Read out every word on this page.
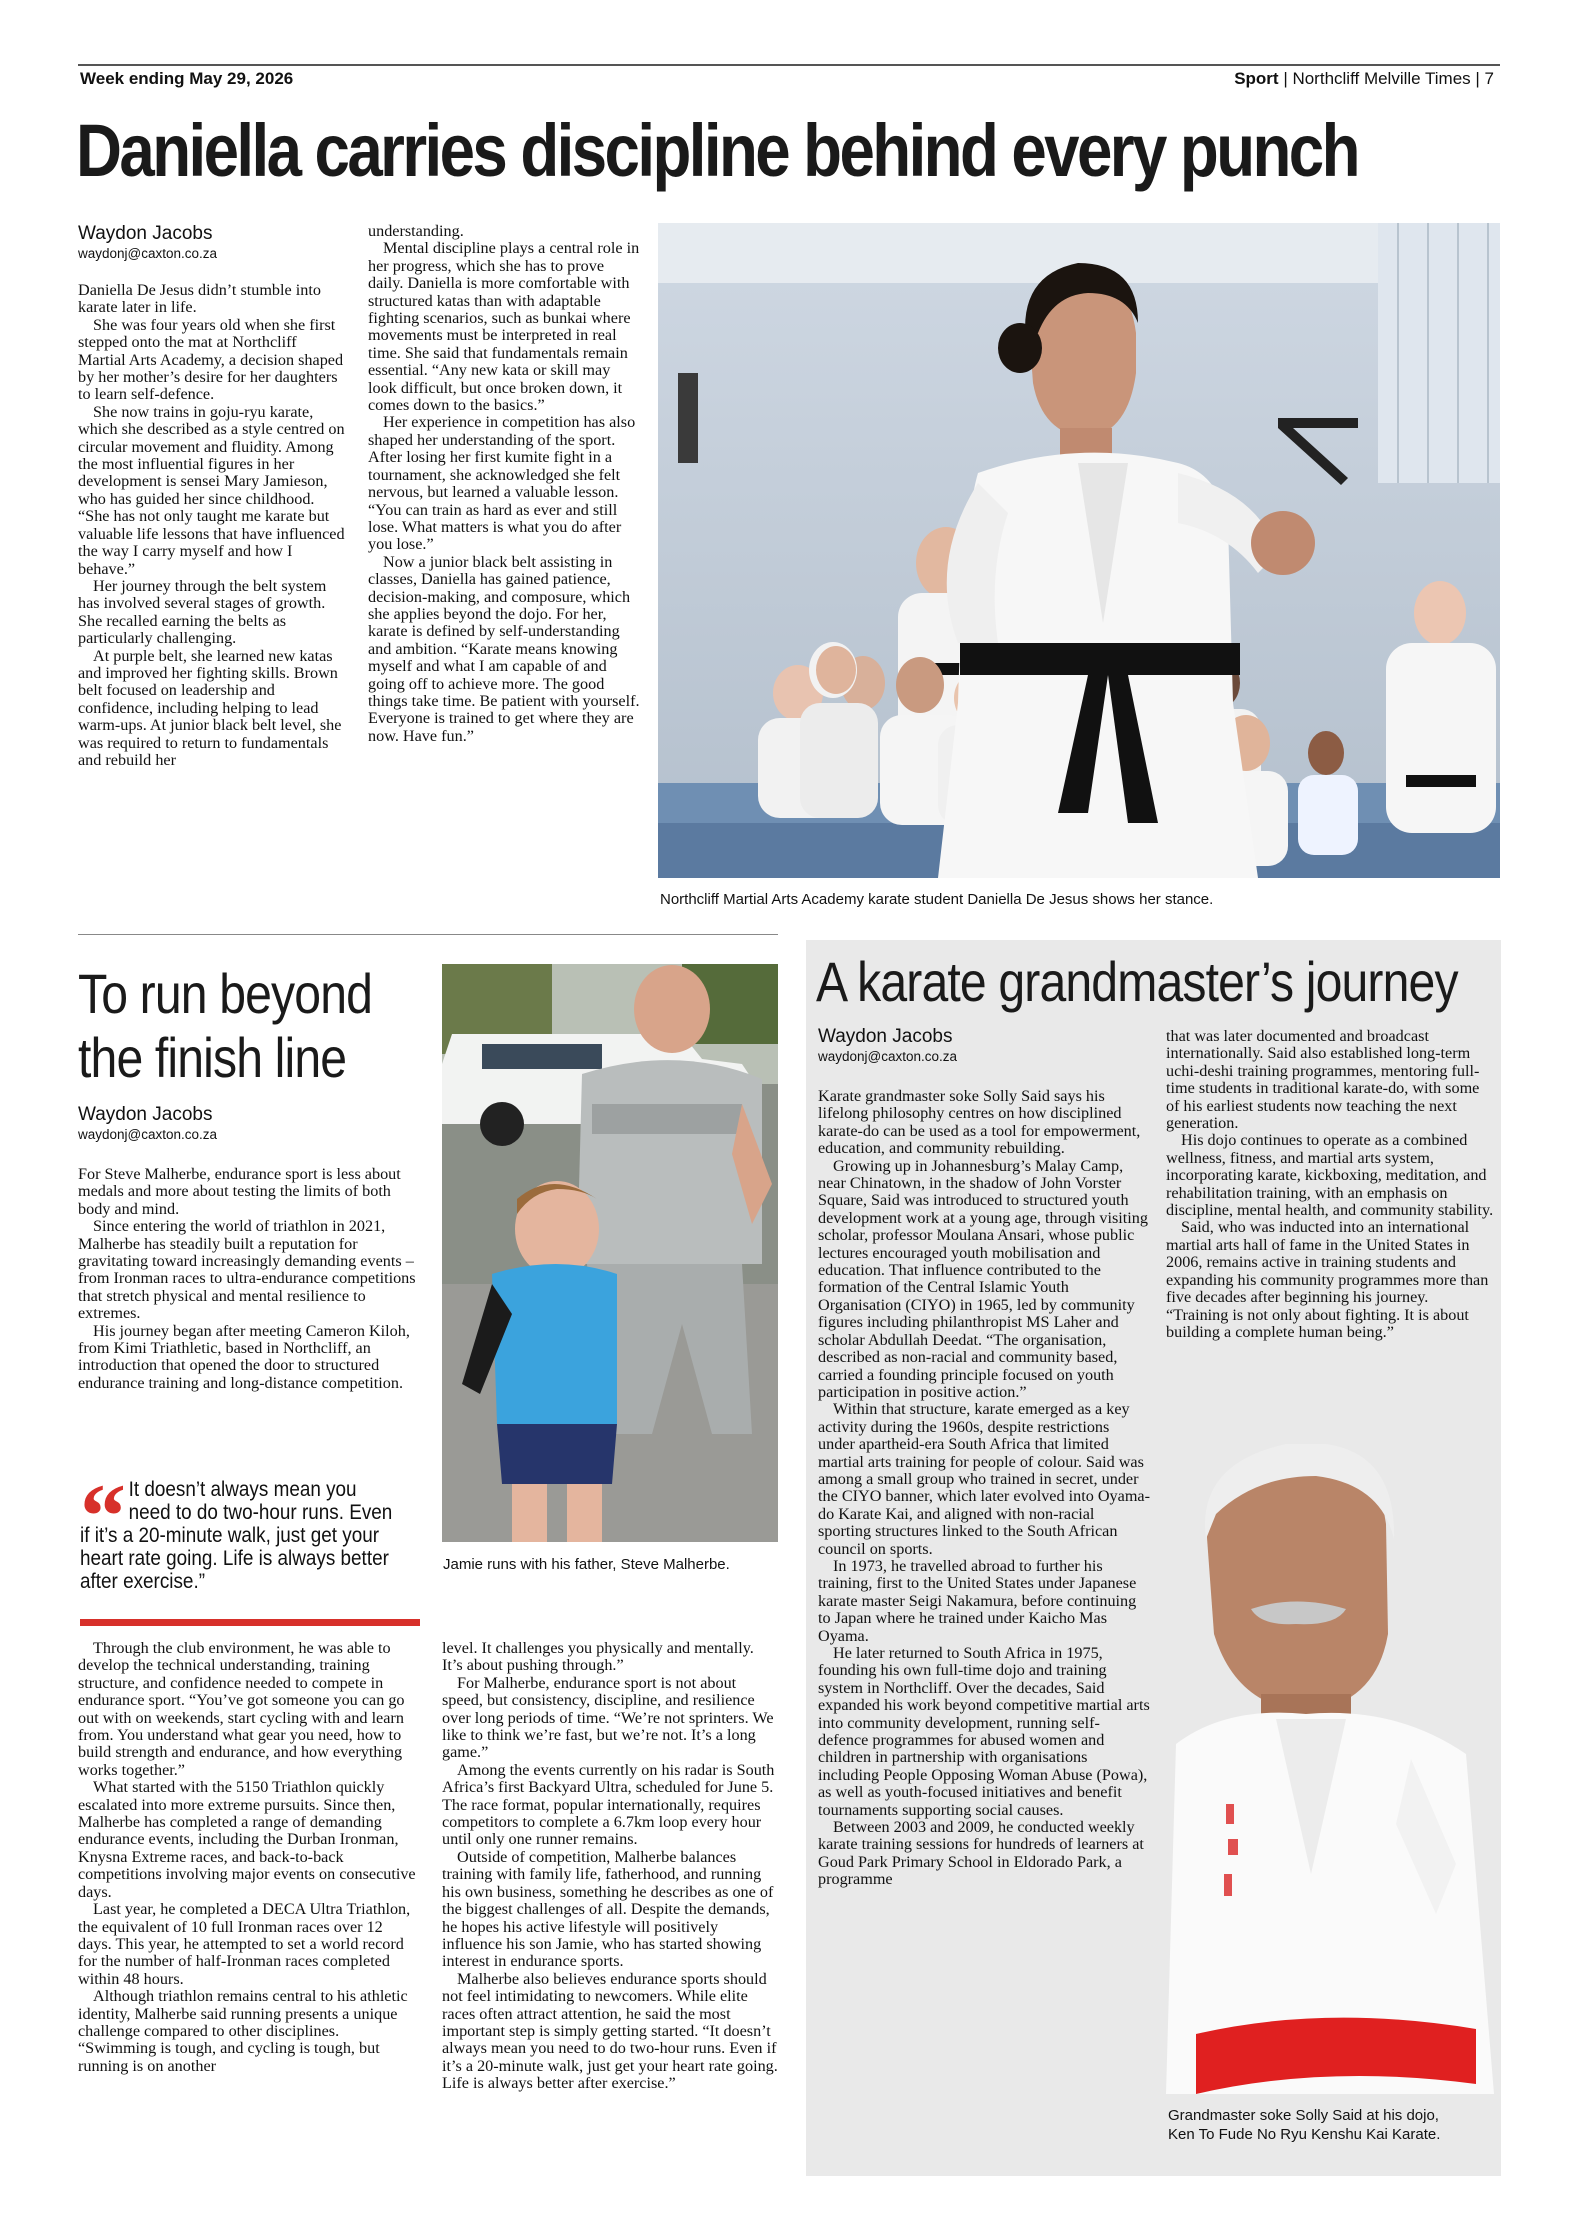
Week ending May 29, 2026	Sport | Northcliff Melville Times | 7
Daniella carries discipline behind every punch
Waydon Jacobs
waydonj@caxton.co.za

Daniella De Jesus didn’t stumble into karate later in life.

She was four years old when she first stepped onto the mat at Northcliff Martial Arts Academy, a decision shaped by her mother’s desire for her daughters to learn self-defence.

She now trains in goju-ryu karate, which she described as a style centred on circular movement and fluidity. Among the most influential figures in her development is sensei Mary Jamieson, who has guided her since childhood. “She has not only taught me karate but valuable life lessons that have influenced the way I carry myself and how I behave.”

Her journey through the belt system has involved several stages of growth. She recalled earning the belts as particularly challenging.

At purple belt, she learned new katas and improved her fighting skills. Brown belt focused on leadership and confidence, including helping to lead warm-ups. At junior black belt level, she was required to return to fundamentals and rebuild her

understanding.

Mental discipline plays a central role in her progress, which she has to prove daily. Daniella is more comfortable with structured katas than with adaptable fighting scenarios, such as bunkai where movements must be interpreted in real time. She said that fundamentals remain essential. “Any new kata or skill may look difficult, but once broken down, it comes down to the basics.”

Her experience in competition has also shaped her understanding of the sport. After losing her first kumite fight in a tournament, she acknowledged she felt nervous, but learned a valuable lesson. “You can train as hard as ever and still lose. What matters is what you do after you lose.”

Now a junior black belt assisting in classes, Daniella has gained patience, decision-making, and composure, which she applies beyond the dojo. For her, karate is defined by self-understanding and ambition. “Karate means knowing myself and what I am capable of and going off to achieve more. The good things take time. Be patient with yourself. Everyone is trained to get where they are now. Have fun.”

Northcliff Martial Arts Academy karate student Daniella De Jesus shows her stance.
To run beyond
the finish line
Waydon Jacobs
waydonj@caxton.co.za

For Steve Malherbe, endurance sport is less about medals and more about testing the limits of both body and mind.

Since entering the world of triathlon in 2021, Malherbe has steadily built a reputation for gravitating toward increasingly demanding events – from Ironman races to ultra-endurance competitions that stretch physical and mental resilience to extremes.

His journey began after meeting Cameron Kiloh, from Kimi Triathletic, based in Northcliff, an introduction that opened the door to structured endurance training and long-distance competition.

“ It doesn’t always mean you
need to do two-hour runs. Even
if it’s a 20-minute walk, just get your heart rate going. Life is always better after exercise.”

Through the club environment, he was able to develop the technical understanding, training structure, and confidence needed to compete in endurance sport. “You’ve got someone you can go out with on weekends, start cycling with and learn from. You understand what gear you need, how to build strength and endurance, and how everything works together.”

What started with the 5150 Triathlon quickly escalated into more extreme pursuits. Since then, Malherbe has completed a range of demanding endurance events, including the Durban Ironman, Knysna Extreme races, and back-to-back competitions involving major events on consecutive days.

Last year, he completed a DECA Ultra Triathlon, the equivalent of 10 full Ironman races over 12 days. This year, he attempted to set a world record for the number of half-Ironman races completed within 48 hours.

Although triathlon remains central to his athletic identity, Malherbe said running presents a unique challenge compared to other disciplines. “Swimming is tough, and cycling is tough, but running is on another

Jamie runs with his father, Steve Malherbe.

level. It challenges you physically and mentally. It’s about pushing through.”

For Malherbe, endurance sport is not about speed, but consistency, discipline, and resilience over long periods of time. “We’re not sprinters. We like to think we’re fast, but we’re not. It’s a long game.”

Among the events currently on his radar is South Africa’s first Backyard Ultra, scheduled for June 5. The race format, popular internationally, requires competitors to complete a 6.7km loop every hour until only one runner remains.

Outside of competition, Malherbe balances training with family life, fatherhood, and running his own business, something he describes as one of the biggest challenges of all. Despite the demands, he hopes his active lifestyle will positively influence his son Jamie, who has started showing interest in endurance sports.

Malherbe also believes endurance sports should not feel intimidating to newcomers. While elite races often attract attention, he said the most important step is simply getting started. “It doesn’t always mean you need to do two-hour runs. Even if it’s a 20-minute walk, just get your heart rate going. Life is always better after exercise.”

A karate grandmaster’s journey
Waydon Jacobs
waydonj@caxton.co.za

Karate grandmaster soke Solly Said says his lifelong philosophy centres on how disciplined karate-do can be used as a tool for empowerment, education, and community rebuilding.

Growing up in Johannesburg’s Malay Camp, near Chinatown, in the shadow of John Vorster Square, Said was introduced to structured youth development work at a young age, through visiting scholar, professor Moulana Ansari, whose public lectures encouraged youth mobilisation and education. That influence contributed to the formation of the Central Islamic Youth Organisation (CIYO) in 1965, led by community figures including philanthropist MS Laher and scholar Abdullah Deedat. “The organisation, described as non-racial and community based, carried a founding principle focused on youth participation in positive action.”

Within that structure, karate emerged as a key activity during the 1960s, despite restrictions under apartheid-era South Africa that limited martial arts training for people of colour. Said was among a small group who trained in secret, under the CIYO banner, which later evolved into Oyama-do Karate Kai, and aligned with non-racial sporting structures linked to the South African council on sports.

In 1973, he travelled abroad to further his training, first to the United States under Japanese karate master Seigi Nakamura, before continuing to Japan where he trained under Kaicho Mas Oyama.

He later returned to South Africa in 1975, founding his own full-time dojo and training system in Northcliff. Over the decades, Said expanded his work beyond competitive martial arts into community development, running self-defence programmes for abused women and children in partnership with organisations including People Opposing Woman Abuse (Powa), as well as youth-focused initiatives and benefit tournaments supporting social causes.

Between 2003 and 2009, he conducted weekly karate training sessions for hundreds of learners at Goud Park Primary School in Eldorado Park, a programme

that was later documented and broadcast internationally. Said also established long-term uchi-deshi training programmes, mentoring full-time students in traditional karate-do, with some of his earliest students now teaching the next generation.

His dojo continues to operate as a combined wellness, fitness, and martial arts system, incorporating karate, kickboxing, meditation, and rehabilitation training, with an emphasis on discipline, mental health, and community stability.

Said, who was inducted into an international martial arts hall of fame in the United States in 2006, remains active in training students and expanding his community programmes more than five decades after beginning his journey. “Training is not only about fighting. It is about building a complete human being.”

Grandmaster soke Solly Said at his dojo,
Ken To Fude No Ryu Kenshu Kai Karate.
